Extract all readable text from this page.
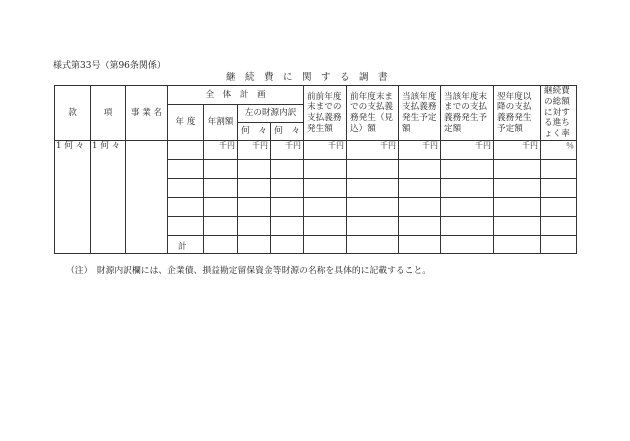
様式第33号（第96条関係）
継　続　費　に　関　す　る　調　書
款	項	事 業 名	全　体　計　画				前前年度末までの支払義務発生額	前年度末までの支払義務発生（見込）額	当該年度支払義務発生予定額	当該年度末までの支払義務発生予定額	翌年度以降の支払義務発生予定額	継続費の総額に対する進ちょく率
			年 度	年割額	左の財源内訳							
					何　々	何　々						
1 何 々	1 何 々			千円	千円	千円	千円	千円	千円	千円	千円	％

			計									
（注）　財源内訳欄には、企業債、損益勘定留保資金等財源の名称を具体的に記載すること。
